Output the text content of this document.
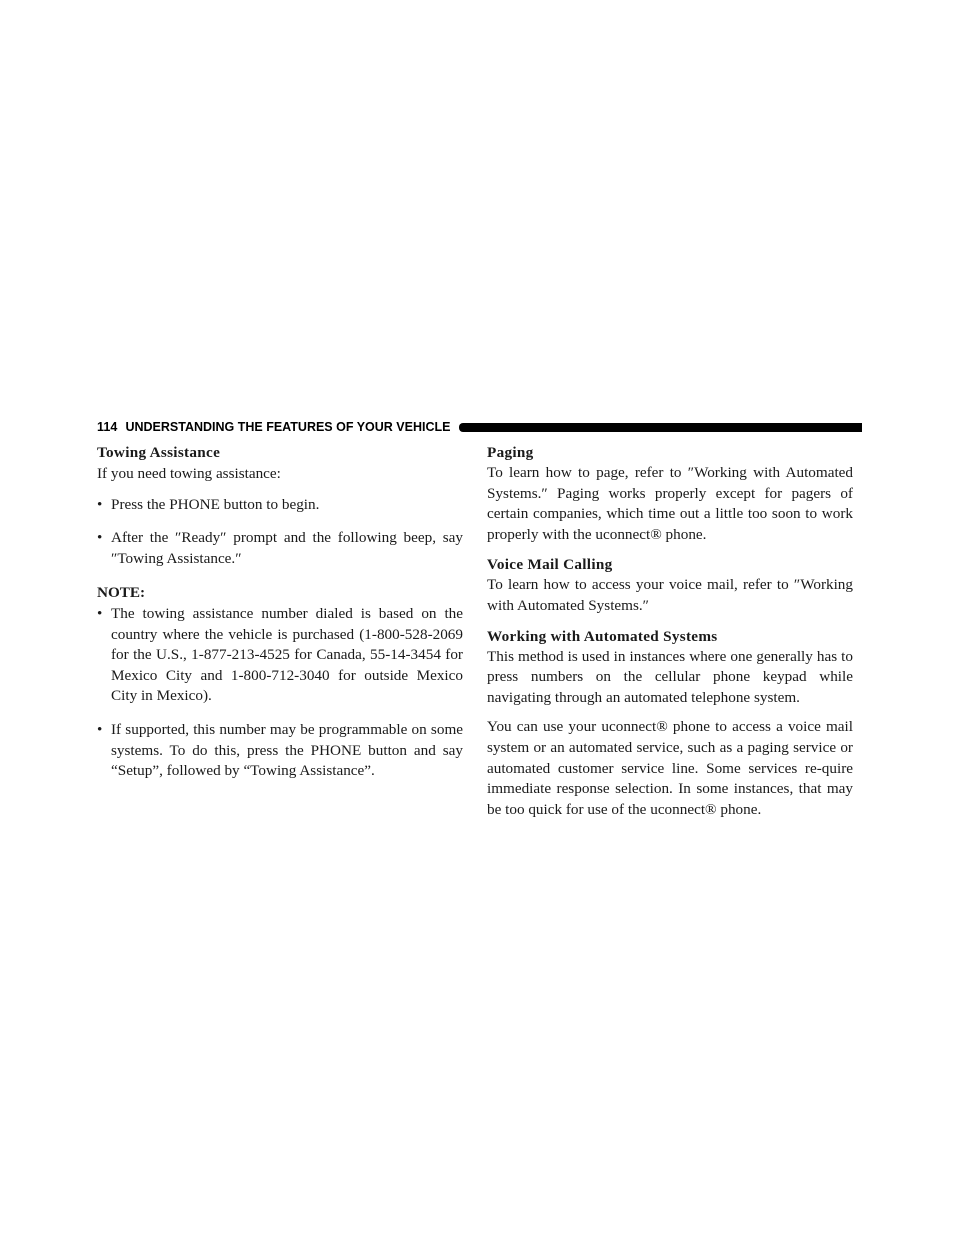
114 UNDERSTANDING THE FEATURES OF YOUR VEHICLE
Towing Assistance

If you need towing assistance:

• Press the PHONE button to begin.
• After the ″Ready″ prompt and the following beep, say ″Towing Assistance.″

NOTE:

• The towing assistance number dialed is based on the country where the vehicle is purchased (1-800-528-2069 for the U.S., 1-877-213-4525 for Canada, 55-14-3454 for Mexico City and 1-800-712-3040 for outside Mexico City in Mexico).
• If supported, this number may be programmable on some systems. To do this, press the PHONE button and say “Setup”, followed by “Towing Assistance”.
Paging

To learn how to page, refer to ″Working with Automated Systems.″ Paging works properly except for pagers of certain companies, which time out a little too soon to work properly with the uconnect® phone.

Voice Mail Calling

To learn how to access your voice mail, refer to ″Working with Automated Systems.″

Working with Automated Systems

This method is used in instances where one generally has to press numbers on the cellular phone keypad while navigating through an automated telephone system.

You can use your uconnect® phone to access a voice mail system or an automated service, such as a paging service or automated customer service line. Some services re-quire immediate response selection. In some instances, that may be too quick for use of the uconnect® phone.
